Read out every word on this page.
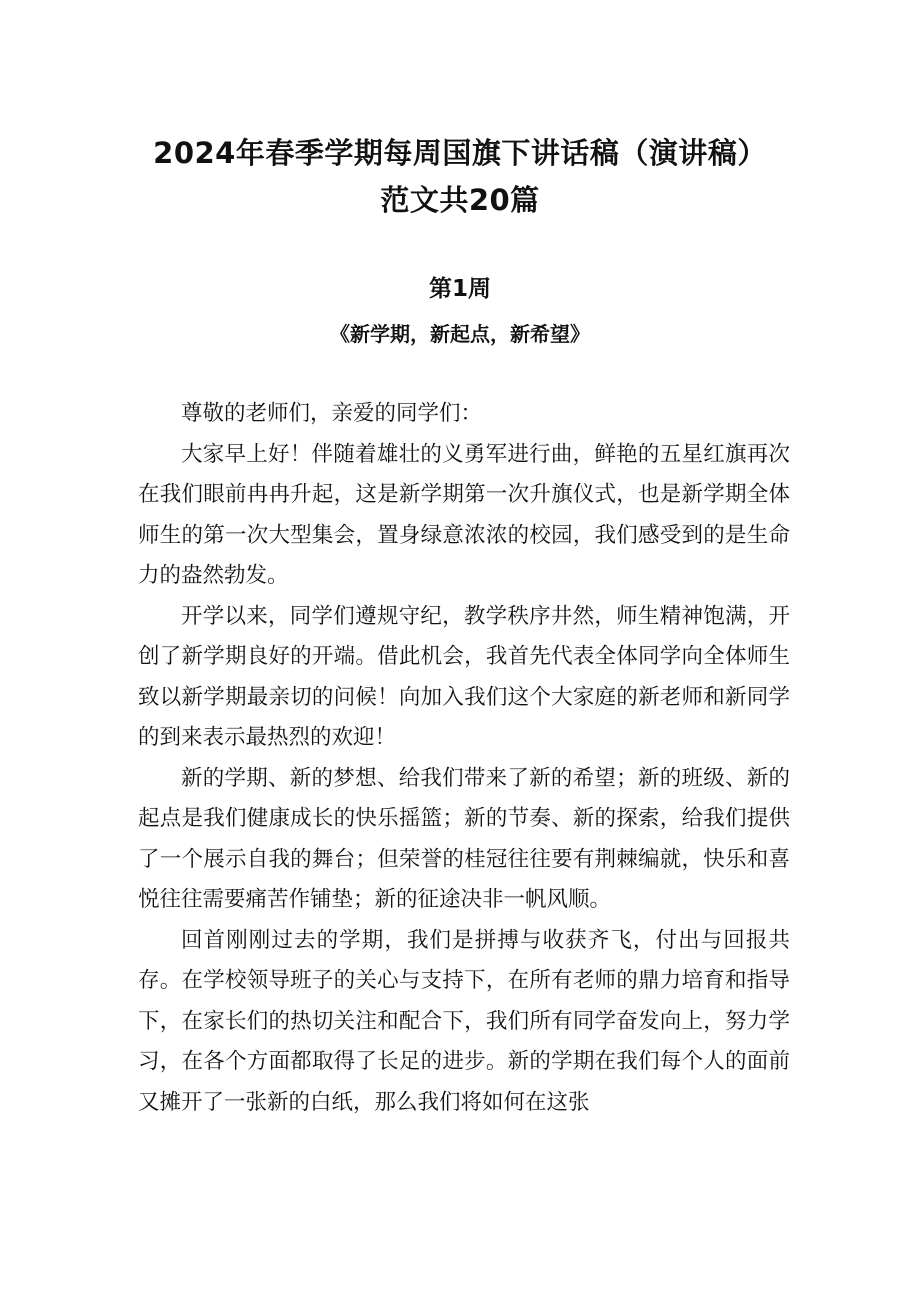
2024年春季学期每周国旗下讲话稿（演讲稿）
范文共20篇
第1周
《新学期，新起点，新希望》

尊敬的老师们，亲爱的同学们：

大家早上好！伴随着雄壮的义勇军进行曲，鲜艳的五星红旗再次在我们眼前冉冉升起，这是新学期第一次升旗仪式，也是新学期全体师生的第一次大型集会，置身绿意浓浓的校园，我们感受到的是生命力的盎然勃发。

开学以来，同学们遵规守纪，教学秩序井然，师生精神饱满，开创了新学期良好的开端。借此机会，我首先代表全体同学向全体师生致以新学期最亲切的问候！向加入我们这个大家庭的新老师和新同学的到来表示最热烈的欢迎！

新的学期、新的梦想、给我们带来了新的希望；新的班级、新的起点是我们健康成长的快乐摇篮；新的节奏、新的探索，给我们提供了一个展示自我的舞台；但荣誉的桂冠往往要有荆棘编就，快乐和喜悦往往需要痛苦作铺垫；新的征途决非一帆风顺。

回首刚刚过去的学期，我们是拼搏与收获齐飞，付出与回报共存。在学校领导班子的关心与支持下，在所有老师的鼎力培育和指导下，在家长们的热切关注和配合下，我们所有同学奋发向上，努力学习，在各个方面都取得了长足的进步。新的学期在我们每个人的面前又摊开了一张新的白纸，那么我们将如何在这张
